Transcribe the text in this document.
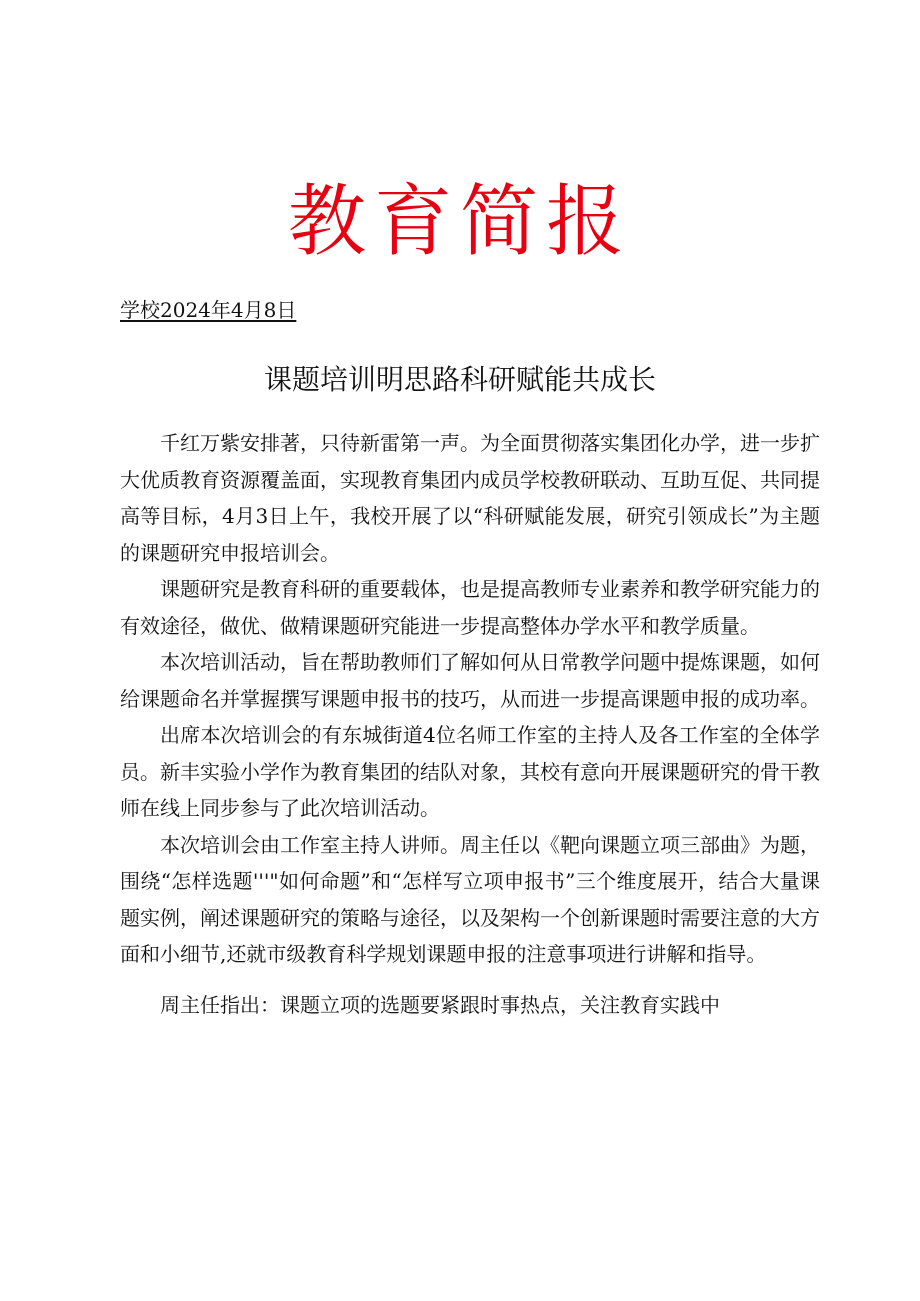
教育简报
学校2024年4月8日
课题培训明思路科研赋能共成长

千红万紫安排著，只待新雷第一声。为全面贯彻落实集团化办学，进一步扩大优质教育资源覆盖面，实现教育集团内成员学校教研联动、互助互促、共同提高等目标，4月3日上午，我校开展了以“科研赋能发展，研究引领成长”为主题的课题研究申报培训会。

课题研究是教育科研的重要载体，也是提高教师专业素养和教学研究能力的有效途径，做优、做精课题研究能进一步提高整体办学水平和教学质量。

本次培训活动，旨在帮助教师们了解如何从日常教学问题中提炼课题，如何给课题命名并掌握撰写课题申报书的技巧，从而进一步提高课题申报的成功率。

出席本次培训会的有东城街道4位名师工作室的主持人及各工作室的全体学员。新丰实验小学作为教育集团的结队对象，其校有意向开展课题研究的骨干教师在线上同步参与了此次培训活动。

本次培训会由工作室主持人讲师。周主任以《靶向课题立项三部曲》为题，围绕“怎样选题'''"如何命题”和“怎样写立项申报书”三个维度展开，结合大量课题实例，阐述课题研究的策略与途径，以及架构一个创新课题时需要注意的大方面和小细节,还就市级教育科学规划课题申报的注意事项进行讲解和指导。

周主任指出：课题立项的选题要紧跟时事热点，关注教育实践中
